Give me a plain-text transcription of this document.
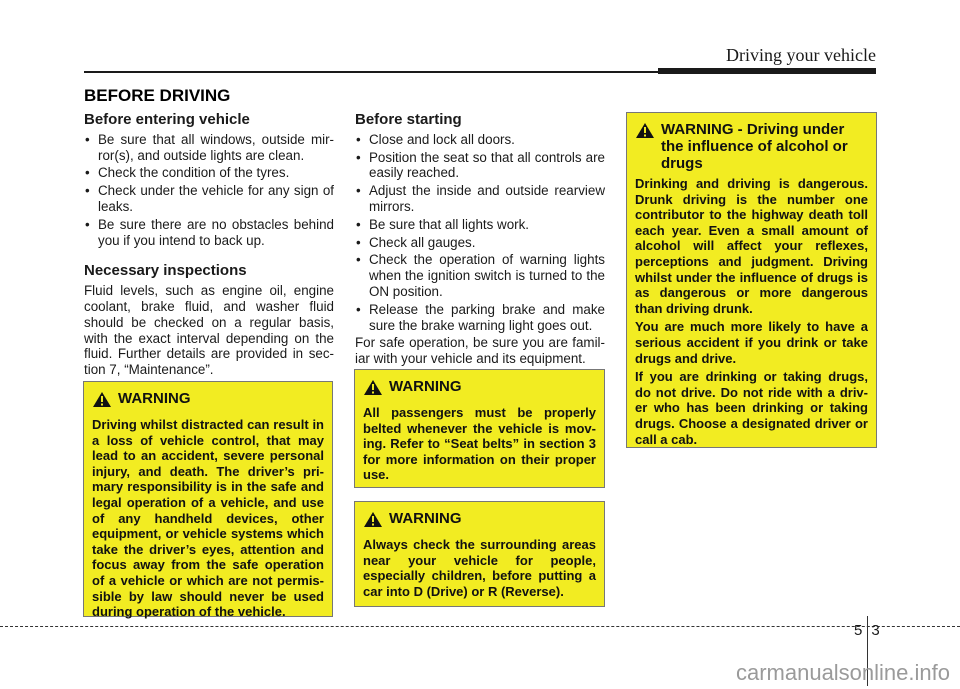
Driving your vehicle
BEFORE DRIVING
Before entering vehicle
• Be sure that all windows, outside mir-ror(s), and outside lights are clean.
• Check the condition of the tyres.
• Check under the vehicle for any sign of leaks.
• Be sure there are no obstacles behind you if you intend to back up.
Necessary inspections

Fluid levels, such as engine oil, engine coolant, brake fluid, and washer fluid should be checked on a regular basis, with the exact interval depending on the fluid. Further details are provided in sec-tion 7, “Maintenance”.

Before starting
• Close and lock all doors.
• Position the seat so that all controls are easily reached.
• Adjust the inside and outside rearview mirrors.
• Be sure that all lights work.
• Check all gauges.
• Check the operation of warning lights when the ignition switch is turned to the ON position.
• Release the parking brake and make sure the brake warning light goes out.

For safe operation, be sure you are famil-iar with your vehicle and its equipment.

WARNING
Driving whilst distracted can result in a loss of vehicle control, that may lead to an accident, severe personal injury, and death. The driver’s pri-mary responsibility is in the safe and legal operation of a vehicle, and use of any handheld devices, other equipment, or vehicle systems which take the driver’s eyes, attention and focus away from the safe operation of a vehicle or which are not permis-sible by law should never be used during operation of the vehicle.
WARNING
All passengers must be properly belted whenever the vehicle is mov-ing. Refer to “Seat belts” in section 3 for more information on their proper use.
WARNING
Always check the surrounding areas near your vehicle for people, especially children, before putting a car into D (Drive) or R (Reverse).
WARNING - Driving under the influence of alcohol or drugs

Drinking and driving is dangerous. Drunk driving is the number one contributor to the highway death toll each year. Even a small amount of alcohol will affect your reflexes, perceptions and judgment. Driving whilst under the influence of drugs is as dangerous or more dangerous than driving drunk.

You are much more likely to have a serious accident if you drink or take drugs and drive.

If you are drinking or taking drugs, do not drive. Do not ride with a driv-er who has been drinking or taking drugs. Choose a designated driver or call a cab.

5 3
carmanualsonline.info
